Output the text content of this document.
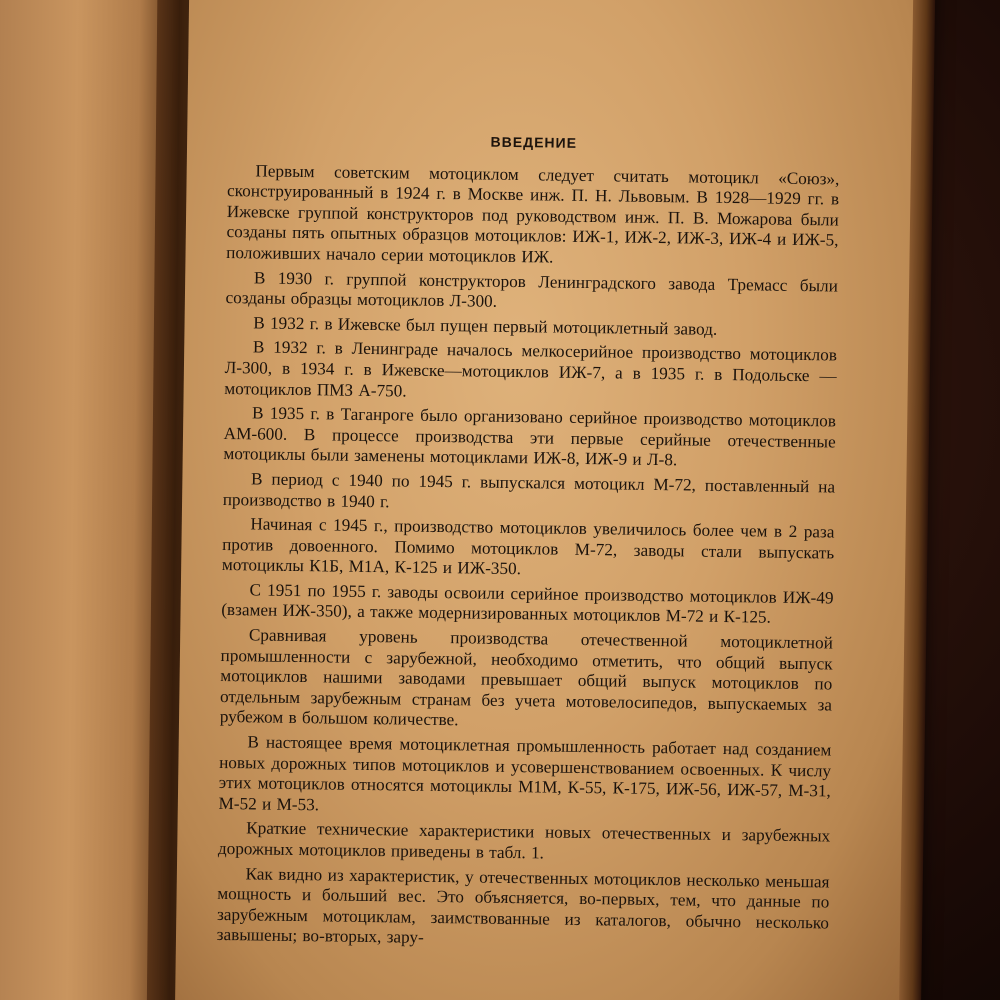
ВВЕДЕНИЕ

Первым советским мотоциклом следует считать мотоцикл «Союз», сконструированный в 1924 г. в Москве инж. П. Н. Львовым. В 1928—1929 гг. в Ижевске группой конструкторов под руководством инж. П. В. Можарова были созданы пять опытных образцов мотоциклов: ИЖ-1, ИЖ-2, ИЖ-3, ИЖ-4 и ИЖ-5, положивших начало серии мотоциклов ИЖ.

В 1930 г. группой конструкторов Ленинградского завода Тремасс были созданы образцы мотоциклов Л-300.

В 1932 г. в Ижевске был пущен первый мотоциклетный завод.

В 1932 г. в Ленинграде началось мелкосерийное производство мотоциклов Л-300, в 1934 г. в Ижевске—мотоциклов ИЖ-7, а в 1935 г. в Подольске — мотоциклов ПМЗ А-750.

В 1935 г. в Таганроге было организовано серийное производство мотоциклов АМ-600. В процессе производства эти первые серийные отечественные мотоциклы были заменены мотоциклами ИЖ-8, ИЖ-9 и Л-8.

В период с 1940 по 1945 г. выпускался мотоцикл М-72, поставленный на производство в 1940 г.

Начиная с 1945 г., производство мотоциклов увеличилось более чем в 2 раза против довоенного. Помимо мотоциклов М-72, заводы стали выпускать мотоциклы К1Б, М1А, К-125 и ИЖ-350.

С 1951 по 1955 г. заводы освоили серийное производство мотоциклов ИЖ-49 (взамен ИЖ-350), а также модернизированных мотоциклов М-72 и К-125.

Сравнивая уровень производства отечественной мотоциклетной промышленности с зарубежной, необходимо отметить, что общий выпуск мотоциклов нашими заводами превышает общий выпуск мотоциклов по отдельным зарубежным странам без учета мотовелосипедов, выпускаемых за рубежом в большом количестве.

В настоящее время мотоциклетная промышленность работает над созданием новых дорожных типов мотоциклов и усовершенствованием освоенных. К числу этих мотоциклов относятся мотоциклы М1М, К-55, К-175, ИЖ-56, ИЖ-57, М-31, М-52 и М-53.

Краткие технические характеристики новых отечественных и зарубежных дорожных мотоциклов приведены в табл. 1.

Как видно из характеристик, у отечественных мотоциклов несколько меньшая мощность и больший вес. Это объясняется, во-первых, тем, что данные по зарубежным мотоциклам, заимствованные из каталогов, обычно несколько завышены; во-вторых, зару-
